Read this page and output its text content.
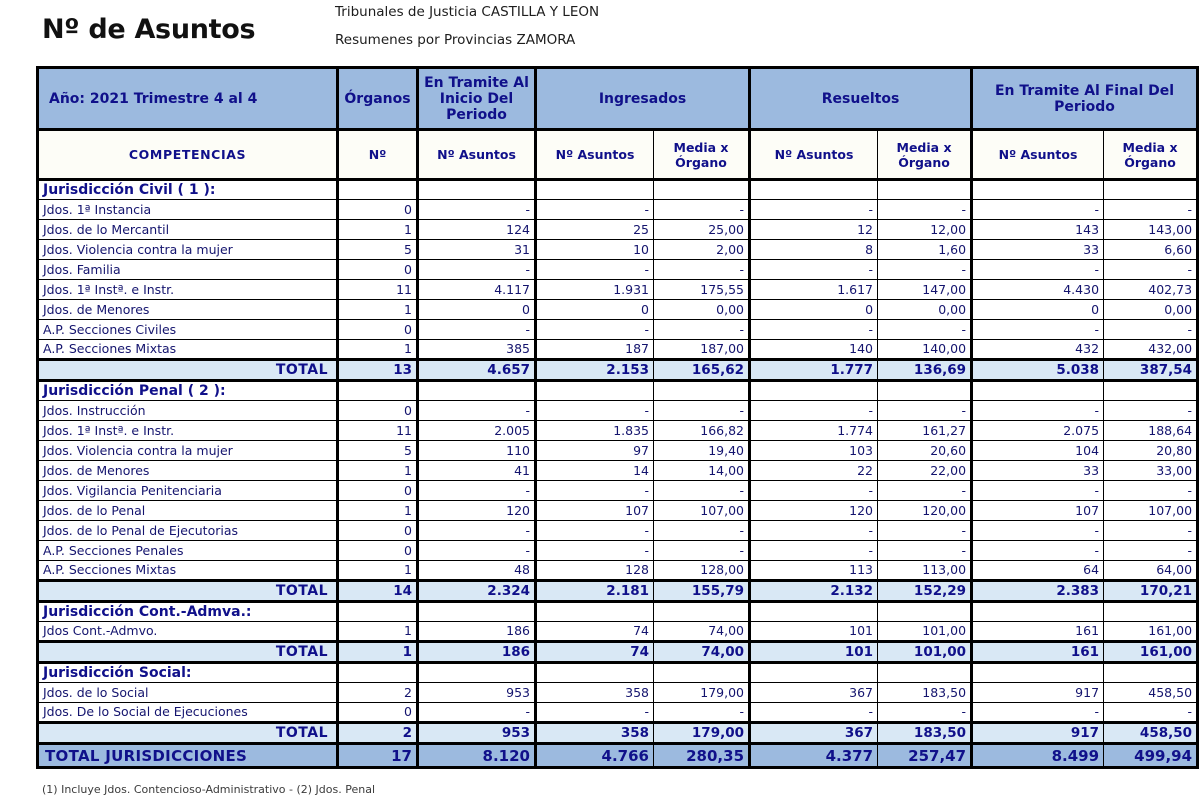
Nº de Asuntos
Tribunales de Justicia CASTILLA Y LEON
Resumenes por Provincias ZAMORA
Año: 2021 Trimestre 4 al 4	Órganos	En Tramite Al Inicio Del Periodo	Ingresados		Resueltos		En Tramite Al Final Del Periodo	
COMPETENCIAS	Nº	Nº Asuntos	Nº Asuntos	Media x Órgano	Nº Asuntos	Media x Órgano	Nº Asuntos	Media x Órgano
Jurisdicción Civil ( 1 ):								
Jdos. 1ª Instancia	0	-	-	-	-	-	-	-
Jdos. de lo Mercantil	1	124	25	25,00	12	12,00	143	143,00
Jdos. Violencia contra la mujer	5	31	10	2,00	8	1,60	33	6,60
Jdos. Familia	0	-	-	-	-	-	-	-
Jdos. 1ª Instª. e Instr.	11	4.117	1.931	175,55	1.617	147,00	4.430	402,73
Jdos. de Menores	1	0	0	0,00	0	0,00	0	0,00
A.P. Secciones Civiles	0	-	-	-	-	-	-	-
A.P. Secciones Mixtas	1	385	187	187,00	140	140,00	432	432,00
TOTAL	13	4.657	2.153	165,62	1.777	136,69	5.038	387,54
Jurisdicción Penal ( 2 ):								
Jdos. Instrucción	0	-	-	-	-	-	-	-
Jdos. 1ª Instª. e Instr.	11	2.005	1.835	166,82	1.774	161,27	2.075	188,64
Jdos. Violencia contra la mujer	5	110	97	19,40	103	20,60	104	20,80
Jdos. de Menores	1	41	14	14,00	22	22,00	33	33,00
Jdos. Vigilancia Penitenciaria	0	-	-	-	-	-	-	-
Jdos. de lo Penal	1	120	107	107,00	120	120,00	107	107,00
Jdos. de lo Penal de Ejecutorias	0	-	-	-	-	-	-	-
A.P. Secciones Penales	0	-	-	-	-	-	-	-
A.P. Secciones Mixtas	1	48	128	128,00	113	113,00	64	64,00
TOTAL	14	2.324	2.181	155,79	2.132	152,29	2.383	170,21
Jurisdicción Cont.-Admva.:								
Jdos Cont.-Admvo.	1	186	74	74,00	101	101,00	161	161,00
TOTAL	1	186	74	74,00	101	101,00	161	161,00
Jurisdicción Social:								
Jdos. de lo Social	2	953	358	179,00	367	183,50	917	458,50
Jdos. De lo Social de Ejecuciones	0	-	-	-	-	-	-	-
TOTAL	2	953	358	179,00	367	183,50	917	458,50
TOTAL JURISDICCIONES	17	8.120	4.766	280,35	4.377	257,47	8.499	499,94
(1) Incluye Jdos. Contencioso-Administrativo - (2) Jdos. Penal
